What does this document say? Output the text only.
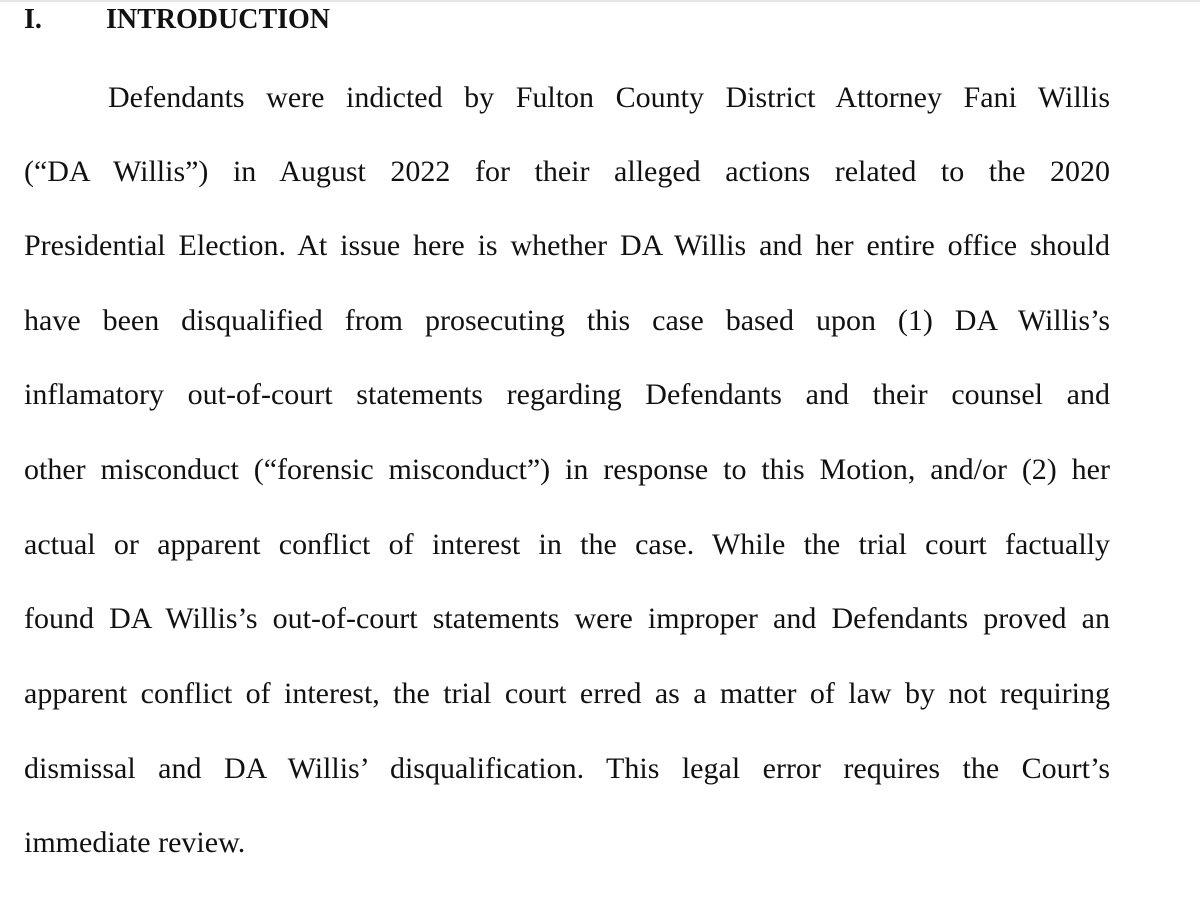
I. INTRODUCTION
Defendants were indicted by Fulton County District Attorney Fani Willis
(“DA Willis”) in August 2022 for their alleged actions related to the 2020
Presidential Election. At issue here is whether DA Willis and her entire office should
have been disqualified from prosecuting this case based upon (1) DA Willis’s
inflamatory out-of-court statements regarding Defendants and their counsel and
other misconduct (“forensic misconduct”) in response to this Motion, and/or (2) her
actual or apparent conflict of interest in the case. While the trial court factually
found DA Willis’s out-of-court statements were improper and Defendants proved an
apparent conflict of interest, the trial court erred as a matter of law by not requiring
dismissal and DA Willis’ disqualification. This legal error requires the Court’s
immediate review.
